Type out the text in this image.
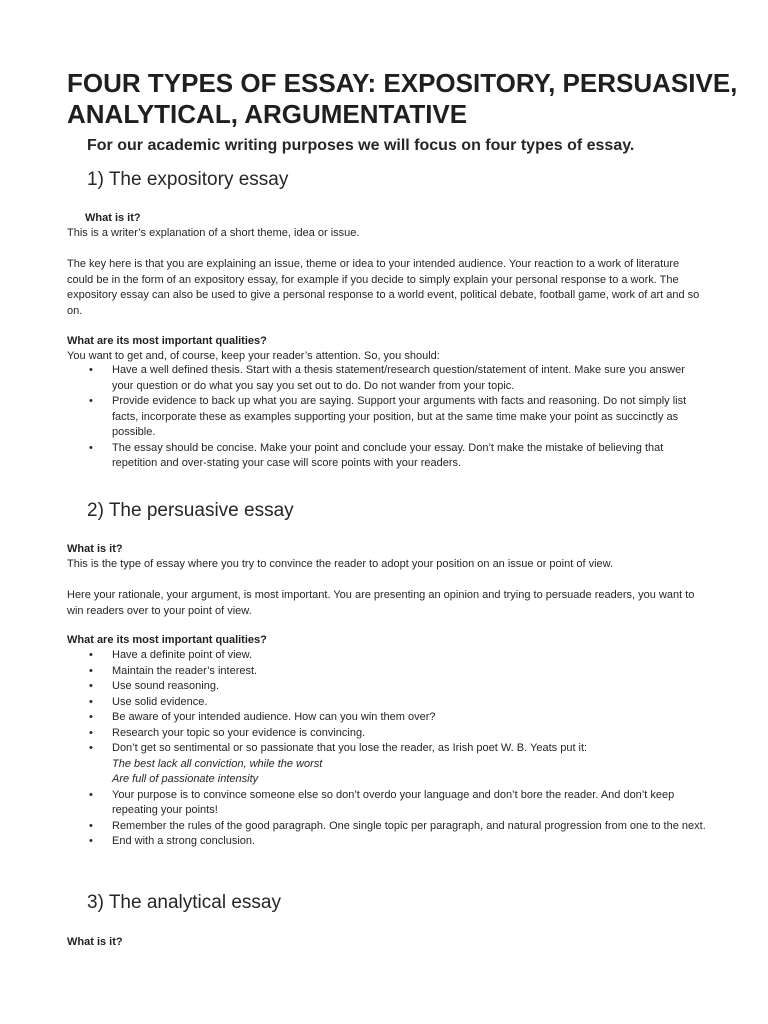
FOUR TYPES OF ESSAY: EXPOSITORY, PERSUASIVE, ANALYTICAL, ARGUMENTATIVE

For our academic writing purposes we will focus on four types of essay.

1) The expository essay

What is it?

This is a writer’s explanation of a short theme, idea or issue.

The key here is that you are explaining an issue, theme or idea to your intended audience. Your reaction to a work of literature could be in the form of an expository essay, for example if you decide to simply explain your personal response to a work. The expository essay can also be used to give a personal response to a world event, political debate, football game, work of art and so on.

What are its most important qualities?

You want to get and, of course, keep your reader’s attention. So, you should:

• Have a well defined thesis. Start with a thesis statement/research question/statement of intent. Make sure you answer your question or do what you say you set out to do. Do not wander from your topic.
• Provide evidence to back up what you are saying. Support your arguments with facts and reasoning. Do not simply list facts, incorporate these as examples supporting your position, but at the same time make your point as succinctly as possible.
• The essay should be concise. Make your point and conclude your essay. Don’t make the mistake of believing that repetition and over-stating your case will score points with your readers.
2) The persuasive essay

What is it?

This is the type of essay where you try to convince the reader to adopt your position on an issue or point of view.

Here your rationale, your argument, is most important. You are presenting an opinion and trying to persuade readers, you want to win readers over to your point of view.

What are its most important qualities?

• Have a definite point of view.
• Maintain the reader’s interest.
• Use sound reasoning.
• Use solid evidence.
• Be aware of your intended audience. How can you win them over?
• Research your topic so your evidence is convincing.
• Don’t get so sentimental or so passionate that you lose the reader, as Irish poet W. B. Yeats put it:
The best lack all conviction, while the worst
Are full of passionate intensity
• Your purpose is to convince someone else so don’t overdo your language and don’t bore the reader. And don’t keep repeating your points!
• Remember the rules of the good paragraph. One single topic per paragraph, and natural progression from one to the next.
• End with a strong conclusion.
3) The analytical essay

What is it?
